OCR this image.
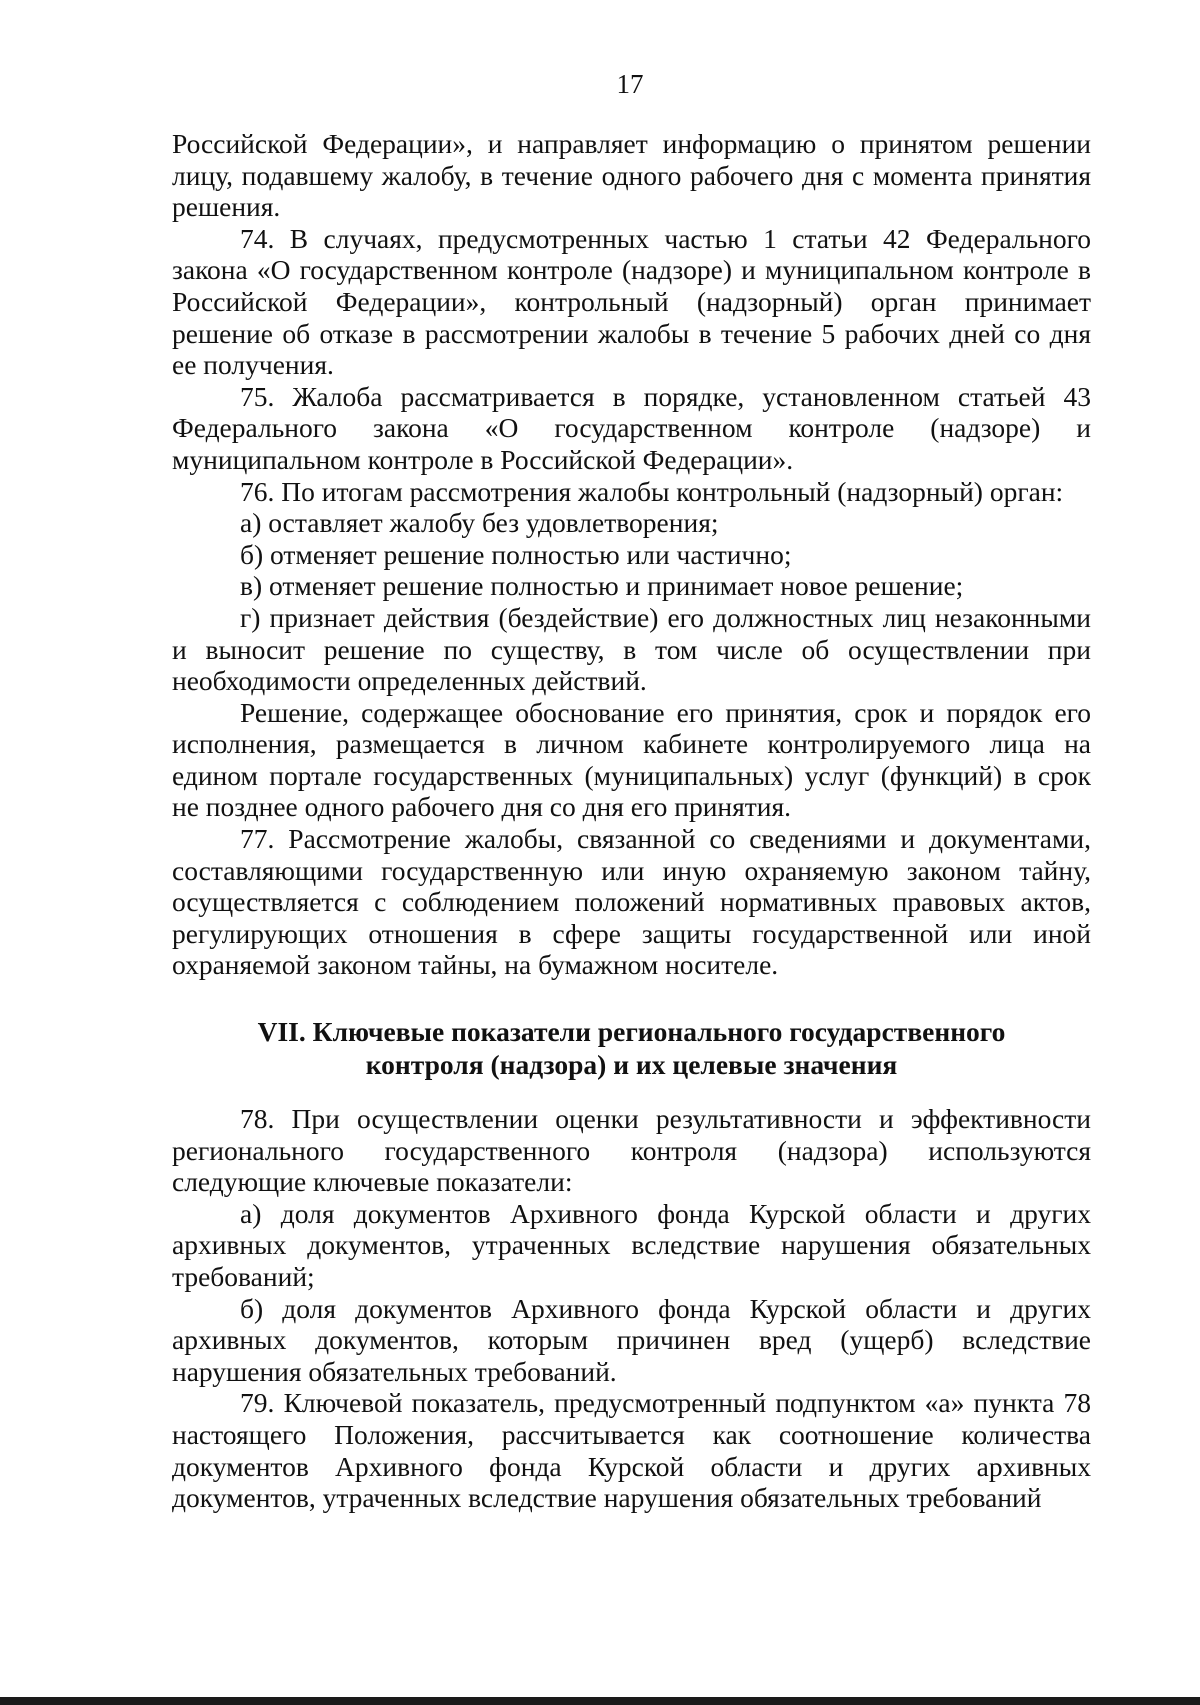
17

Российской Федерации», и направляет информацию о принятом решении лицу, подавшему жалобу, в течение одного рабочего дня с момента принятия решения.

74. В случаях, предусмотренных частью 1 статьи 42 Федерального закона «О государственном контроле (надзоре) и муниципальном контроле в Российской Федерации», контрольный (надзорный) орган принимает решение об отказе в рассмотрении жалобы в течение 5 рабочих дней со дня ее получения.

75. Жалоба рассматривается в порядке, установленном статьей 43 Федерального закона «О государственном контроле (надзоре) и муниципальном контроле в Российской Федерации».

76. По итогам рассмотрения жалобы контрольный (надзорный) орган:

а) оставляет жалобу без удовлетворения;

б) отменяет решение полностью или частично;

в) отменяет решение полностью и принимает новое решение;

г) признает действия (бездействие) его должностных лиц незаконными и выносит решение по существу, в том числе об осуществлении при необходимости определенных действий.

Решение, содержащее обоснование его принятия, срок и порядок его исполнения, размещается в личном кабинете контролируемого лица на едином портале государственных (муниципальных) услуг (функций) в срок не позднее одного рабочего дня со дня его принятия.

77. Рассмотрение жалобы, связанной со сведениями и документами, составляющими государственную или иную охраняемую законом тайну, осуществляется с соблюдением положений нормативных правовых актов, регулирующих отношения в сфере защиты государственной или иной охраняемой законом тайны, на бумажном носителе.

VII. Ключевые показатели регионального государственного
контроля (надзора) и их целевые значения

78. При осуществлении оценки результативности и эффективности регионального государственного контроля (надзора) используются следующие ключевые показатели:

а) доля документов Архивного фонда Курской области и других архивных документов, утраченных вследствие нарушения обязательных требований;

б) доля документов Архивного фонда Курской области и других архивных документов, которым причинен вред (ущерб) вследствие нарушения обязательных требований.

79. Ключевой показатель, предусмотренный подпунктом «а» пункта 78 настоящего Положения, рассчитывается как соотношение количества документов Архивного фонда Курской области и других архивных документов, утраченных вследствие нарушения обязательных требований
